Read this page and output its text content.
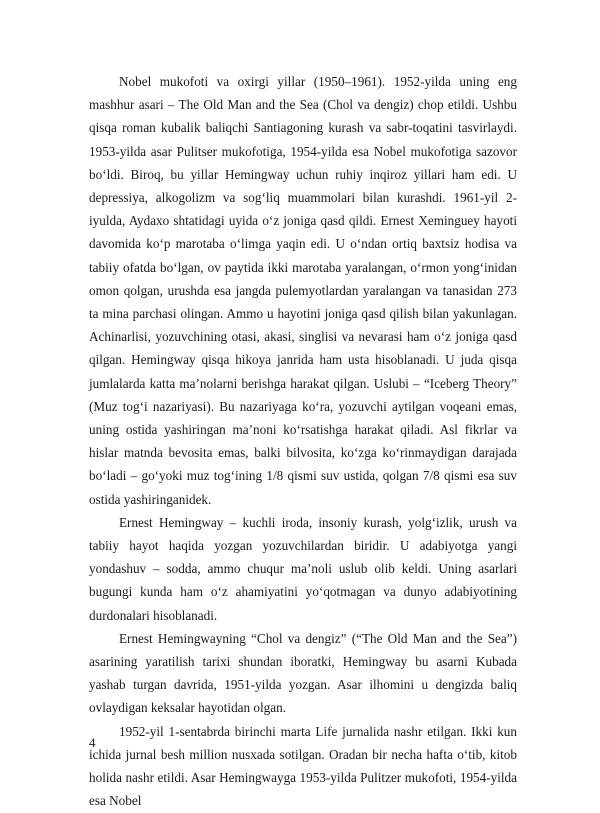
Nobel mukofoti va oxirgi yillar (1950–1961). 1952-yilda uning eng mashhur asari – The Old Man and the Sea (Chol va dengiz) chop etildi. Ushbu qisqa roman kubalik baliqchi Santiagoning kurash va sabr-toqatini tasvirlaydi. 1953-yilda asar Pulitser mukofotiga, 1954-yilda esa Nobel mukofotiga sazovor bo‘ldi. Biroq, bu yillar Hemingway uchun ruhiy inqiroz yillari ham edi. U depressiya, alkogolizm va sog‘liq muammolari bilan kurashdi. 1961-yil 2-iyulda, Aydaxo shtatidagi uyida o‘z joniga qasd qildi. Ernest Xeminguey hayoti davomida ko‘p marotaba o‘limga yaqin edi. U o‘ndan ortiq baxtsiz hodisa va tabiiy ofatda bo‘lgan, ov paytida ikki marotaba yaralangan, o‘rmon yong‘inidan omon qolgan, urushda esa jangda pulemyotlardan yaralangan va tanasidan 273 ta mina parchasi olingan. Ammo u hayotini joniga qasd qilish bilan yakunlagan. Achinarlisi, yozuvchining otasi, akasi, singlisi va nevarasi ham o‘z joniga qasd qilgan. Hemingway qisqa hikoya janrida ham usta hisoblanadi. U juda qisqa jumlalarda katta ma’nolarni berishga harakat qilgan. Uslubi – “Iceberg Theory” (Muz tog‘i nazariyasi). Bu nazariyaga ko‘ra, yozuvchi aytilgan voqeani emas, uning ostida yashiringan ma’noni ko‘rsatishga harakat qiladi. Asl fikrlar va hislar matnda bevosita emas, balki bilvosita, ko‘zga ko‘rinmaydigan darajada bo‘ladi – go‘yoki muz tog‘ining 1/8 qismi suv ustida, qolgan 7/8 qismi esa suv ostida yashiringanidek.

Ernest Hemingway – kuchli iroda, insoniy kurash, yolg‘izlik, urush va tabiiy hayot haqida yozgan yozuvchilardan biridir. U adabiyotga yangi yondashuv – sodda, ammo chuqur ma’noli uslub olib keldi. Uning asarlari bugungi kunda ham o‘z ahamiyatini yo‘qotmagan va dunyo adabiyotining durdonalari hisoblanadi.

Ernest Hemingwayning “Chol va dengiz” (“The Old Man and the Sea”) asarining yaratilish tarixi shundan iboratki, Hemingway bu asarni Kubada yashab turgan davrida, 1951-yilda yozgan. Asar ilhomini u dengizda baliq ovlaydigan keksalar hayotidan olgan.

1952-yil 1-sentabrda birinchi marta Life jurnalida nashr etilgan. Ikki kun ichida jurnal besh million nusxada sotilgan. Oradan bir necha hafta o‘tib, kitob holida nashr etildi. Asar Hemingwayga 1953-yilda Pulitzer mukofoti, 1954-yilda esa Nobel

4
